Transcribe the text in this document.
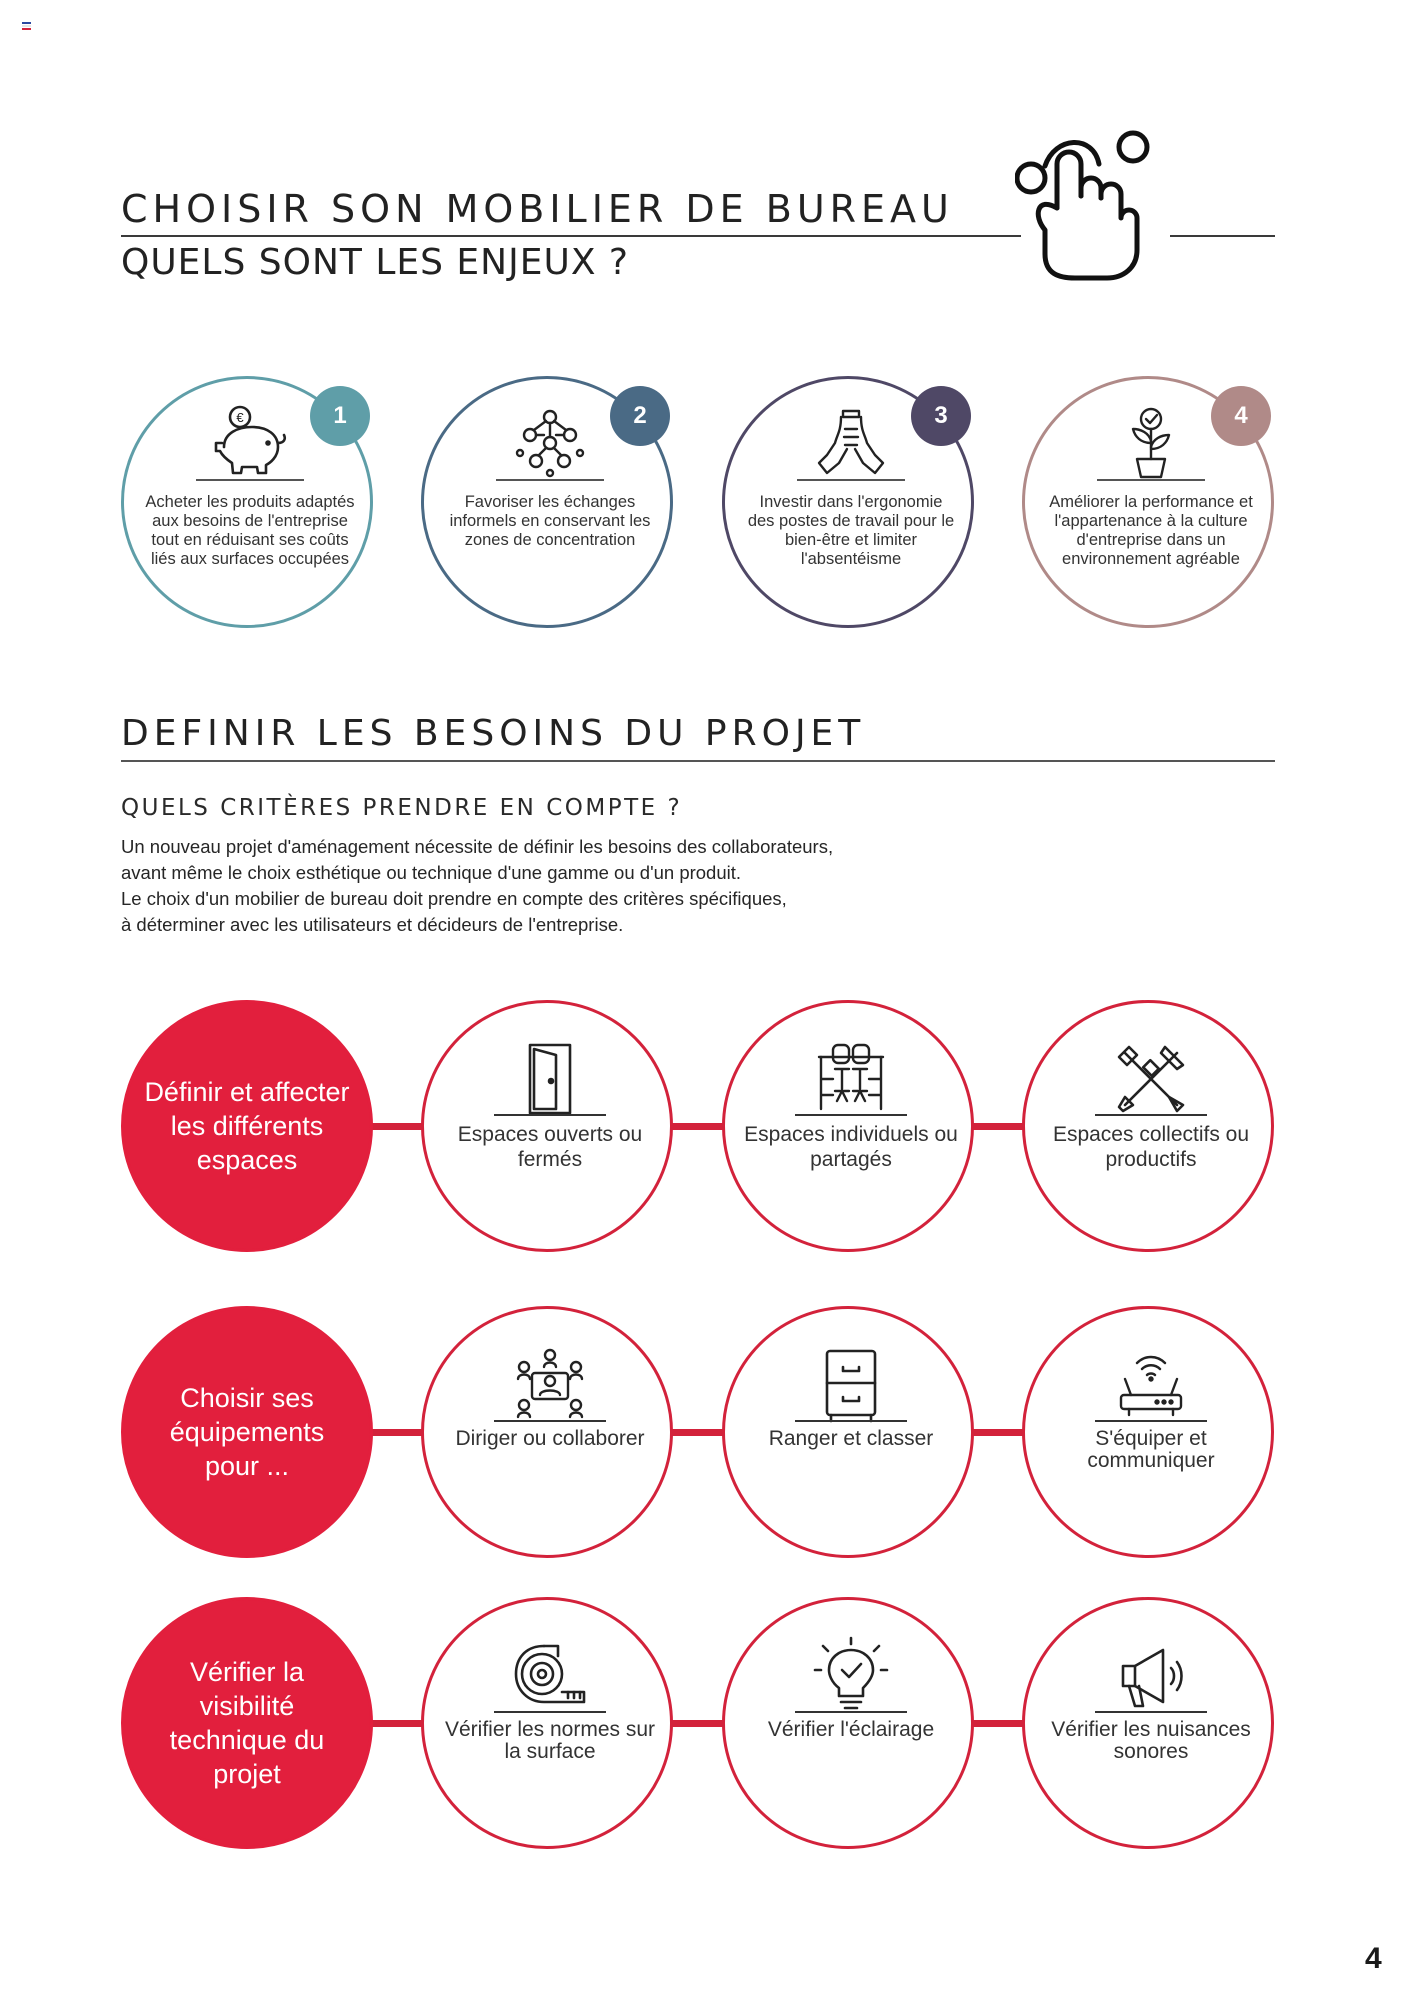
CHOISIR SON MOBILIER DE BUREAU
QUELS SONT LES ENJEUX ?
1
€
Acheter les produits adaptés aux besoins de l'entreprise tout en réduisant ses coûts liés aux surfaces occupées
2
Favoriser les échanges informels en conservant les zones de concentration
3
Investir dans l'ergonomie des postes de travail pour le bien-être et limiter l'absentéisme
4
Améliorer la performance et l'appartenance à la culture d'entreprise dans un environnement agréable
DEFINIR LES BESOINS DU PROJET
QUELS CRITÈRES PRENDRE EN COMPTE ?
Un nouveau projet d'aménagement nécessite de définir les besoins des collaborateurs,
avant même le choix esthétique ou technique d'une gamme ou d'un produit.
Le choix d'un mobilier de bureau doit prendre en compte des critères spécifiques,
à déterminer avec les utilisateurs et décideurs de l'entreprise.
Définir et affecter les différents espaces
Espaces ouverts ou fermés
Espaces individuels ou partagés
Espaces collectifs ou productifs
Choisir ses équipements pour ...
Diriger ou collaborer	Ranger et classer	S'équiper et communiquer
Vérifier la visibilité technique du projet
Vérifier les normes sur la surface
Vérifier l'éclairage	Vérifier les nuisances sonores
4
